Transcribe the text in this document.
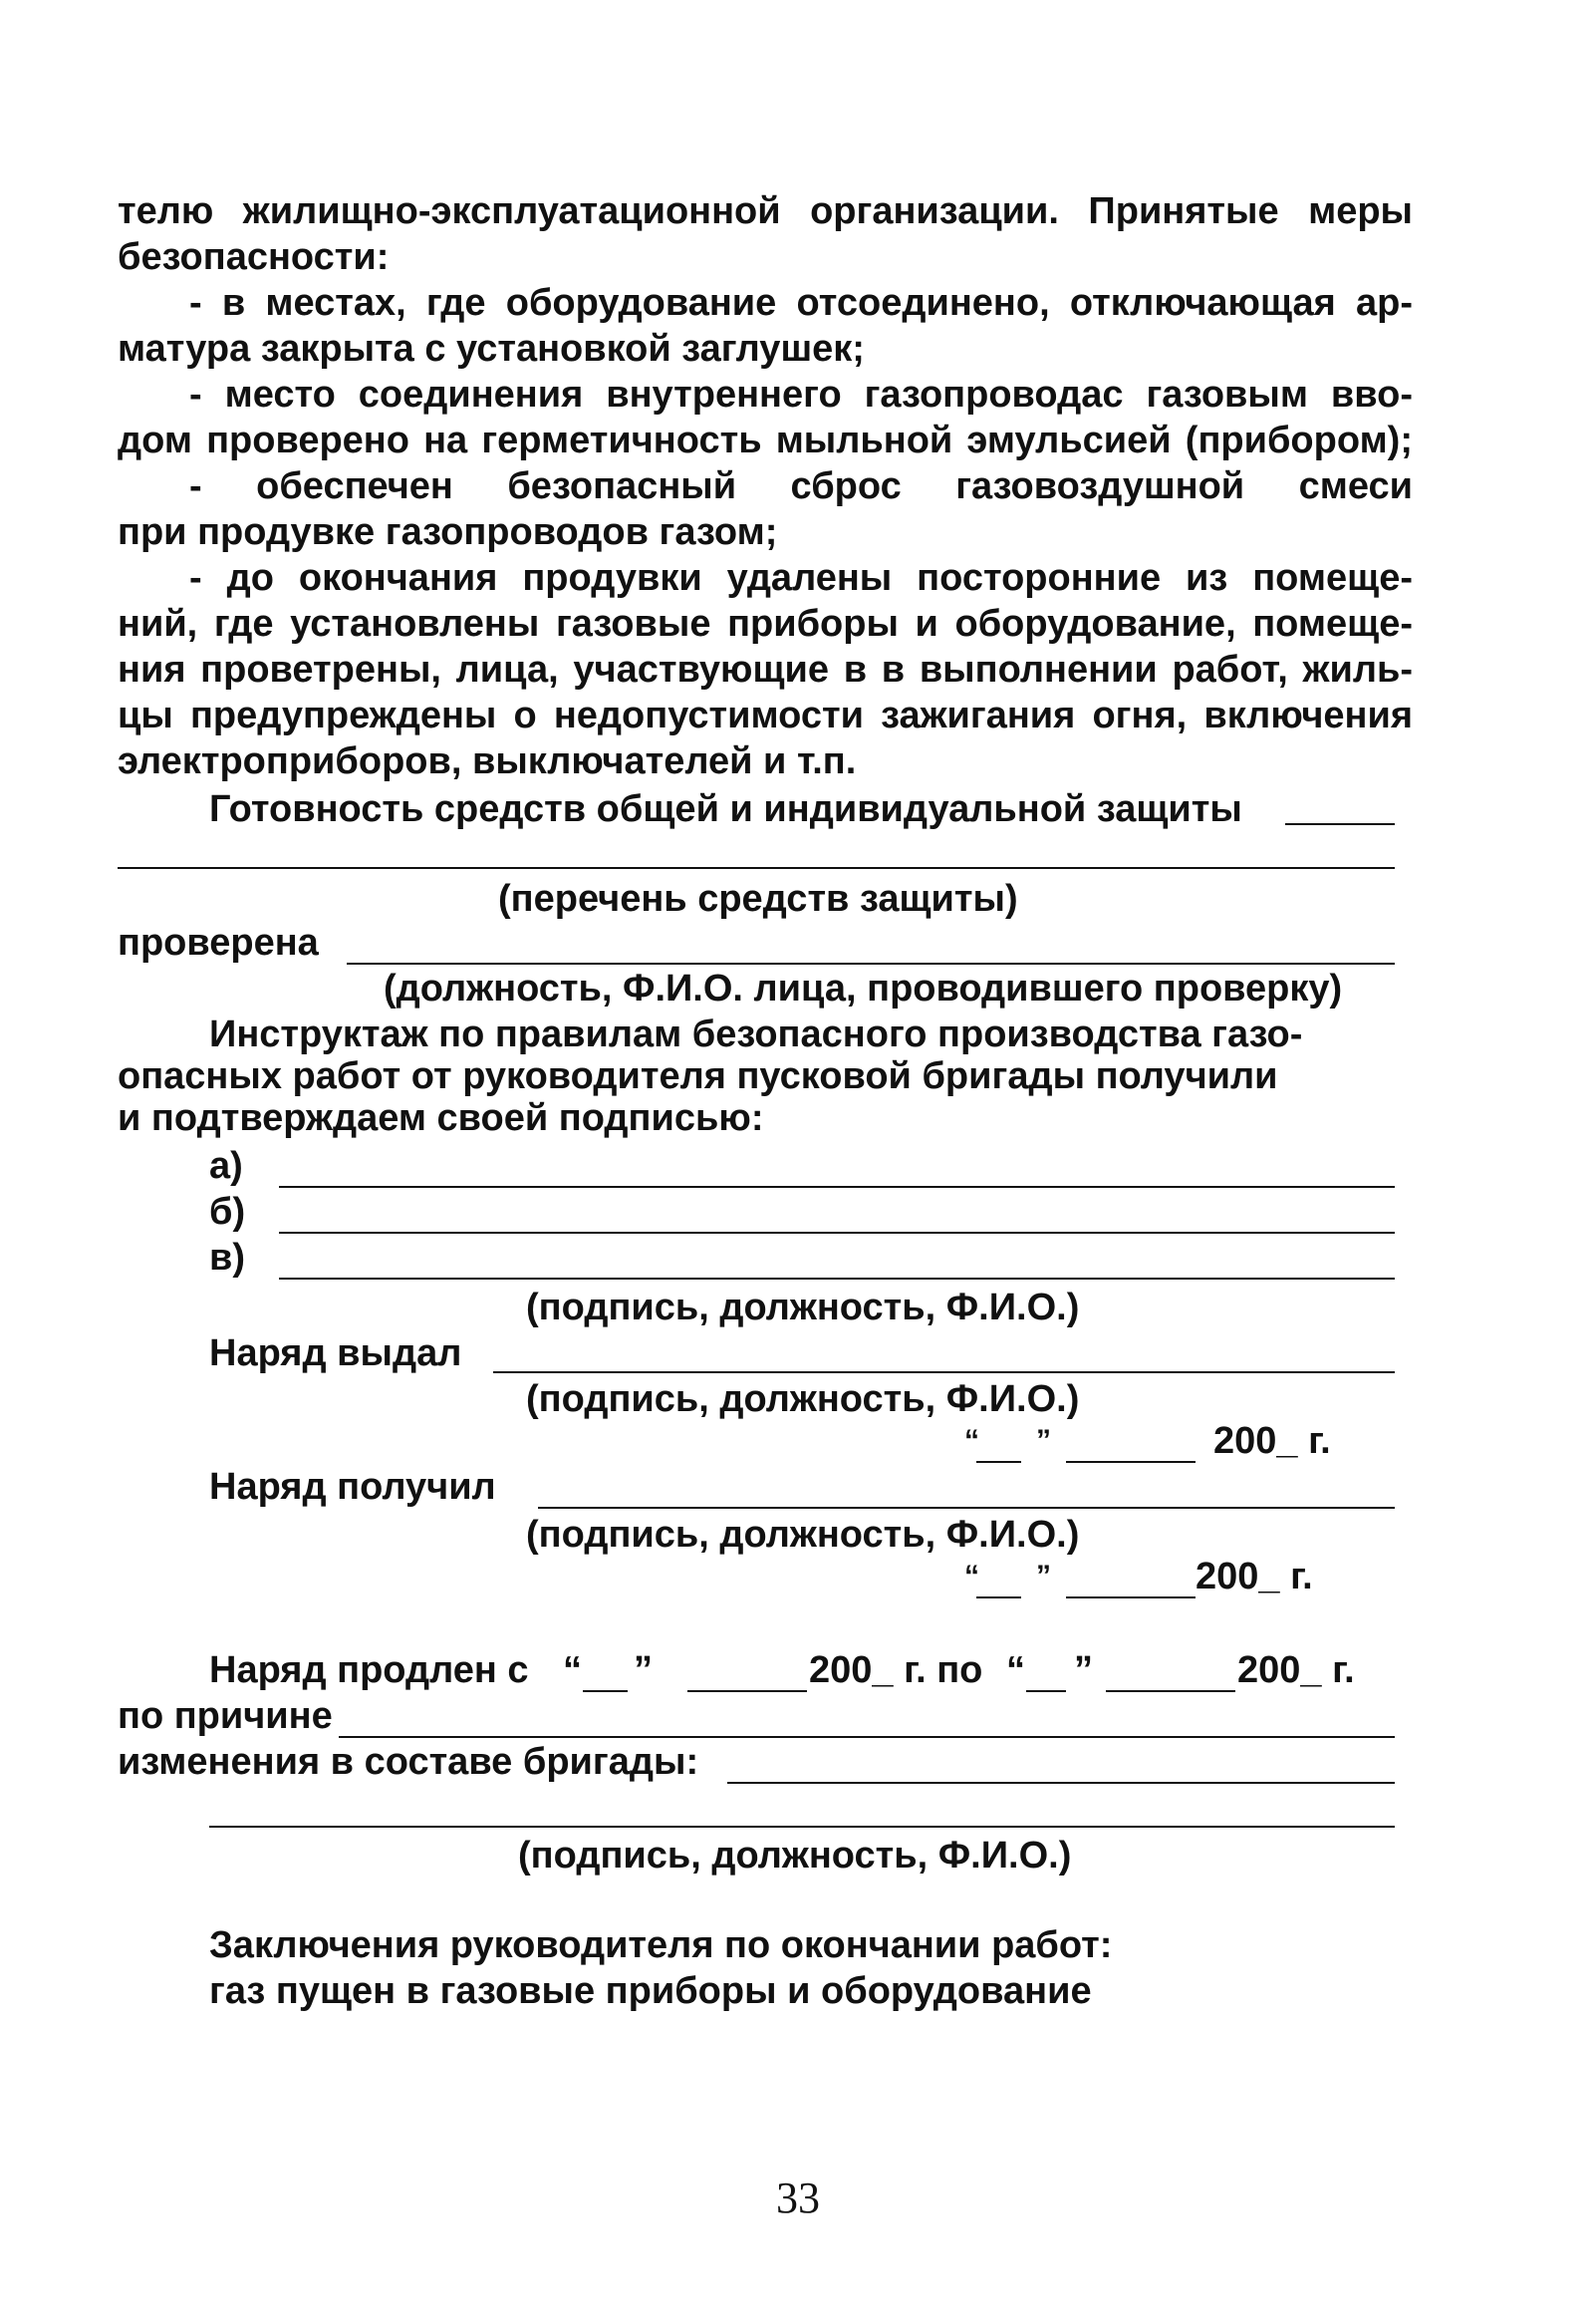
телю жилищно-эксплуатационной организации. Принятые меры
безопасности:
- в местах, где оборудование отсоединено, отключающая ар-
матура закрыта с установкой заглушек;
- место соединения внутреннего газопроводас газовым вво-
дом проверено на герметичность мыльной эмульсией (прибором);
- обеспечен безопасный сброс газовоздушной смеси
при продувке газопроводов газом;
- до окончания продувки удалены посторонние из помеще-
ний, где установлены газовые приборы и оборудование, помеще-
ния проветрены, лица, участвующие в в выполнении работ, жиль-
цы предупреждены о недопустимости зажигания огня, включения
электроприборов, выключателей и т.п.
Готовность средств общей и индивидуальной защиты
(перечень средств защиты)
проверена
(должность, Ф.И.О. лица, проводившего проверку)
Инструктаж по правилам безопасного производства газо-
опасных работ от руководителя пусковой бригады получили
и подтверждаем своей подписью:
а)
б)
в)
(подпись, должность, Ф.И.О.)
Наряд выдал
(подпись, должность, Ф.И.О.)
“ ”	200_ г.
Наряд получил
(подпись, должность, Ф.И.О.)
“ ”	200_ г.
Наряд продлен с “ ”	200_ г. по “ ”	200_ г.
по причине
изменения в составе бригады:
(подпись, должность, Ф.И.О.)
Заключения руководителя по окончании работ:
газ пущен в газовые приборы и оборудование
33
